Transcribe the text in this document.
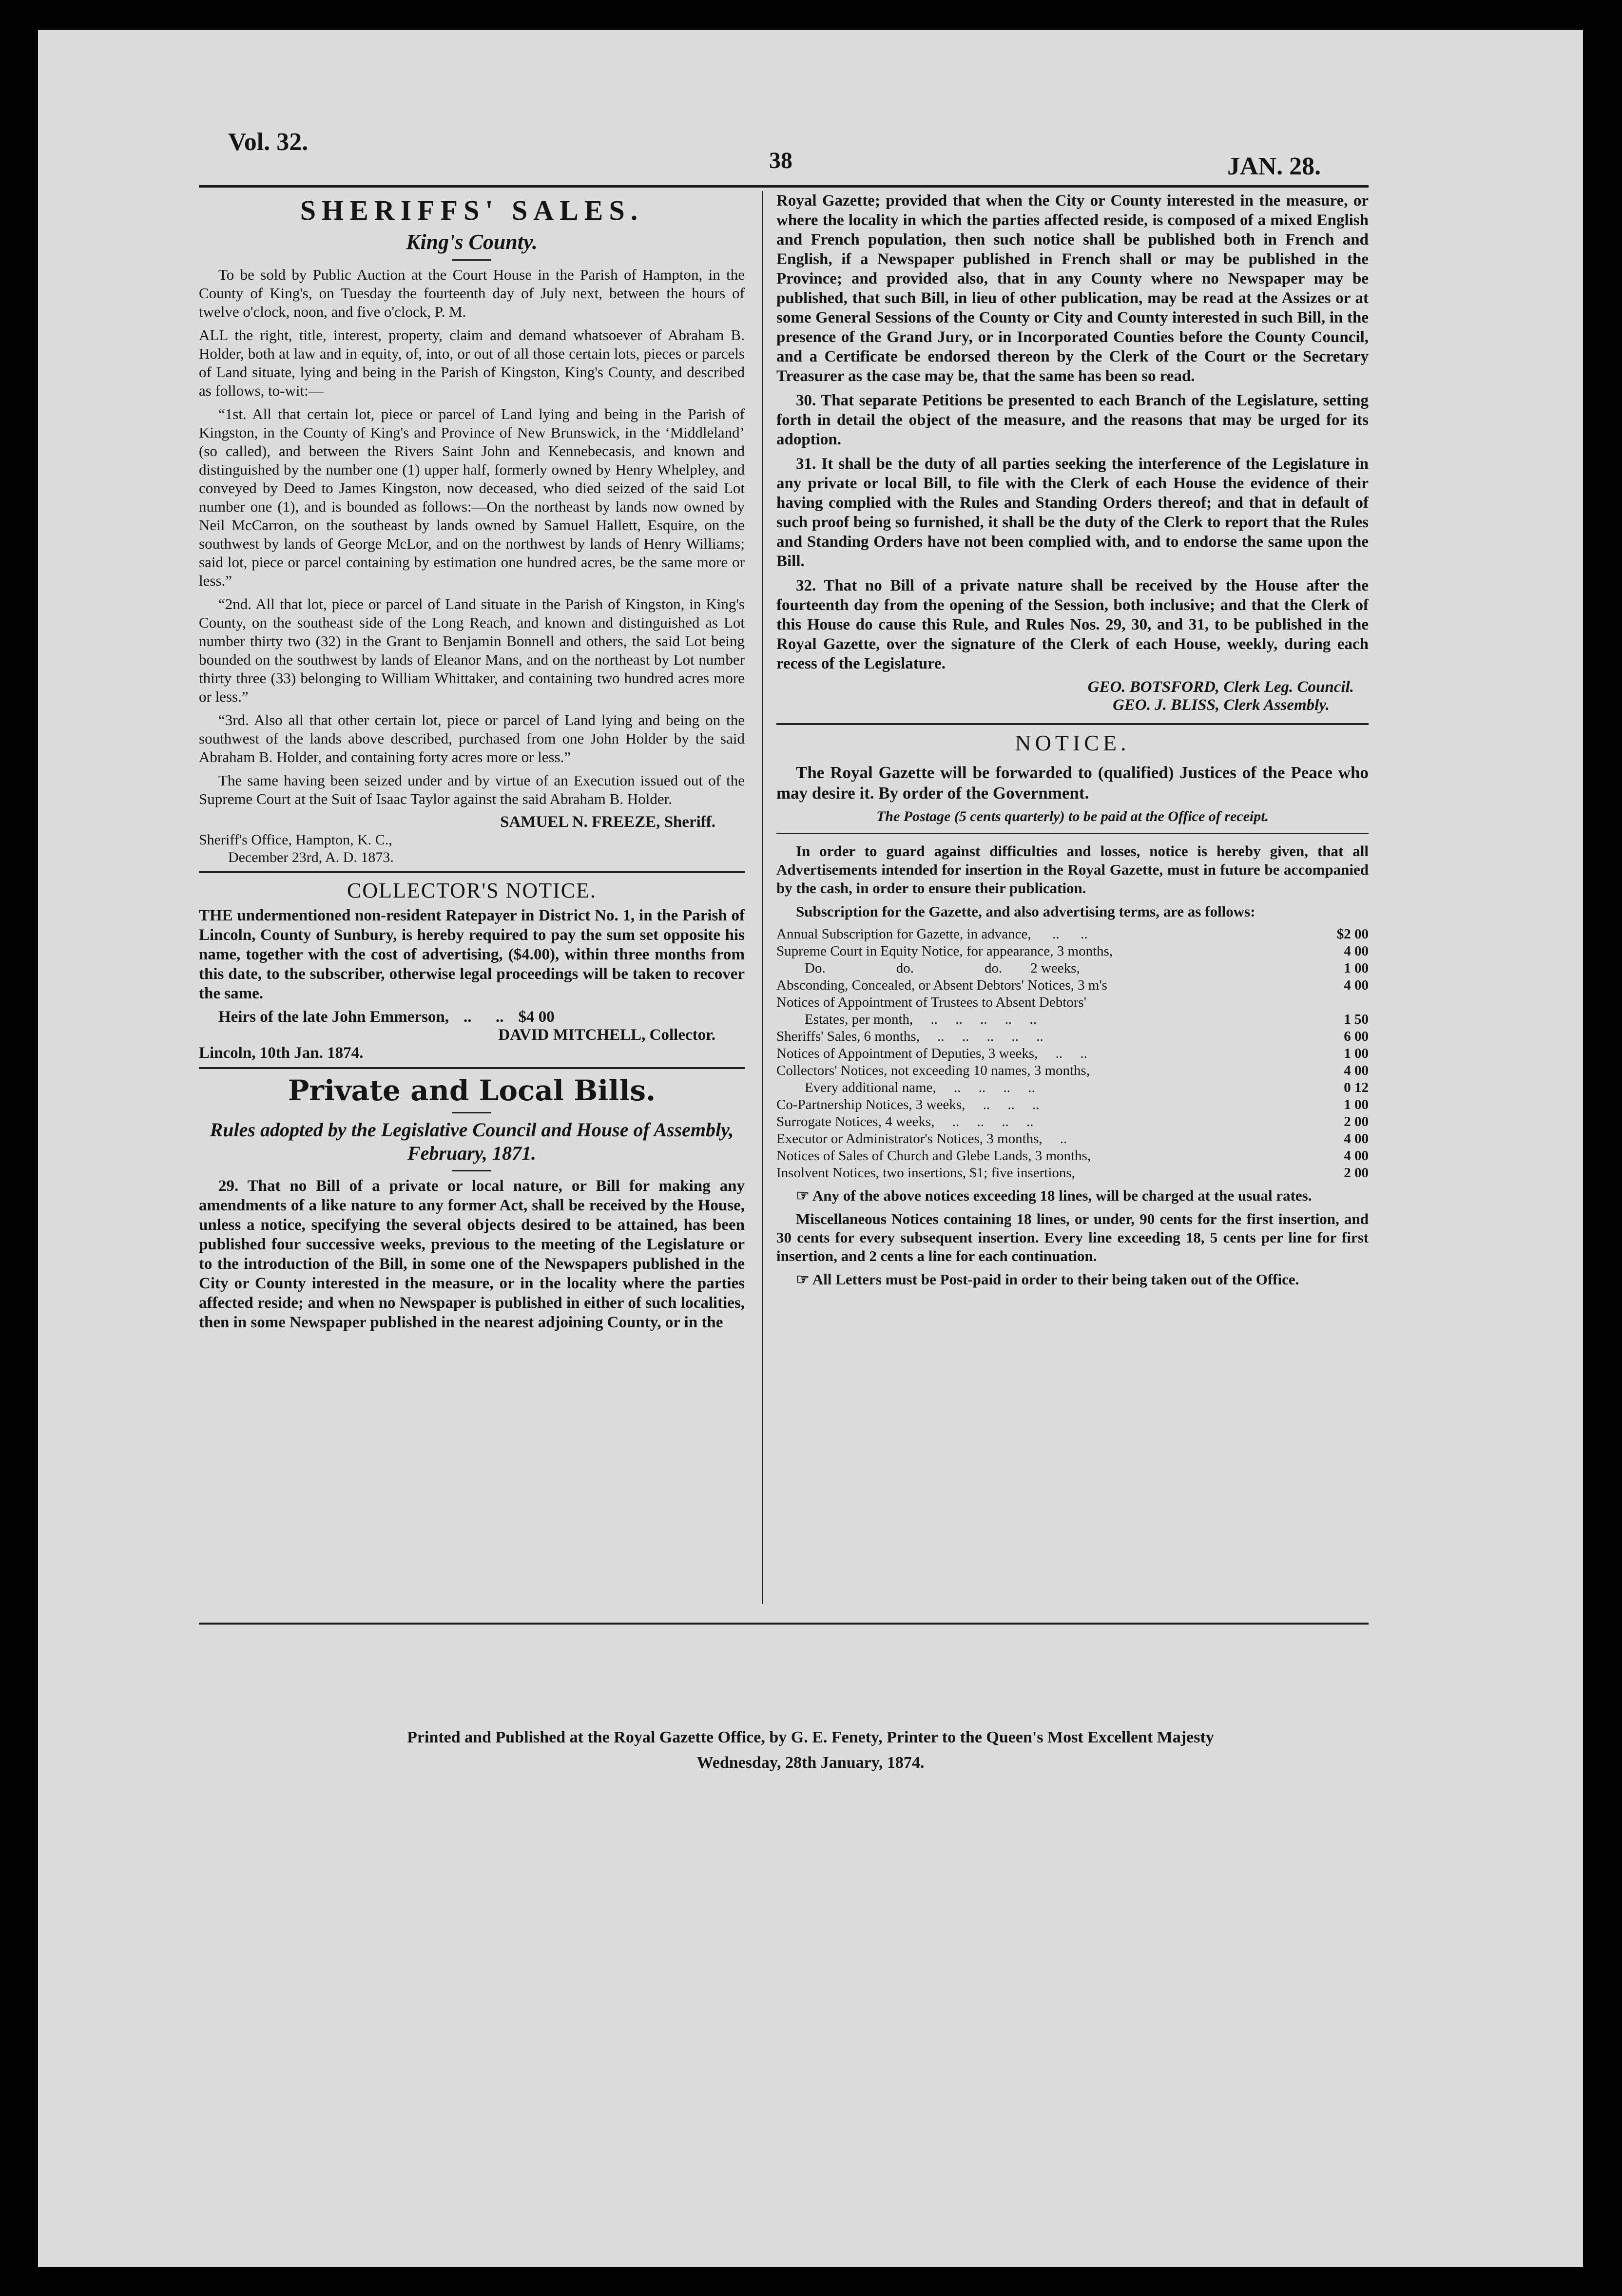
Vol. 32.
38	JAN. 28.
SHERIFFS' SALES.
King's County.

To be sold by Public Auction at the Court House in the Parish of Hampton, in the County of King's, on Tuesday the fourteenth day of July next, between the hours of twelve o'clock, noon, and five o'clock, P. M.

ALL the right, title, interest, property, claim and demand whatsoever of Abraham B. Holder, both at law and in equity, of, into, or out of all those certain lots, pieces or parcels of Land situate, lying and being in the Parish of Kingston, King's County, and described as follows, to-wit:—

“1st. All that certain lot, piece or parcel of Land lying and being in the Parish of Kingston, in the County of King's and Province of New Brunswick, in the ‘Middleland’ (so called), and between the Rivers Saint John and Kennebecasis, and known and distinguished by the number one (1) upper half, formerly owned by Henry Whelpley, and conveyed by Deed to James Kingston, now deceased, who died seized of the said Lot number one (1), and is bounded as follows:—On the northeast by lands now owned by Neil McCarron, on the southeast by lands owned by Samuel Hallett, Esquire, on the southwest by lands of George McLor, and on the northwest by lands of Henry Williams; said lot, piece or parcel containing by estimation one hundred acres, be the same more or less.”

“2nd. All that lot, piece or parcel of Land situate in the Parish of Kingston, in King's County, on the southeast side of the Long Reach, and known and distinguished as Lot number thirty two (32) in the Grant to Benjamin Bonnell and others, the said Lot being bounded on the southwest by lands of Eleanor Mans, and on the northeast by Lot number thirty three (33) belonging to William Whittaker, and containing two hundred acres more or less.”

“3rd. Also all that other certain lot, piece or parcel of Land lying and being on the southwest of the lands above described, purchased from one John Holder by the said Abraham B. Holder, and containing forty acres more or less.”

The same having been seized under and by virtue of an Execution issued out of the Supreme Court at the Suit of Isaac Taylor against the said Abraham B. Holder.

SAMUEL N. FREEZE, Sheriff.
Sheriff's Office, Hampton, K. C.,
December 23rd, A. D. 1873.
COLLECTOR'S NOTICE.

THE undermentioned non-resident Ratepayer in District No. 1, in the Parish of Lincoln, County of Sunbury, is hereby required to pay the sum set opposite his name, together with the cost of advertising, ($4.00), within three months from this date, to the subscriber, otherwise legal proceedings will be taken to recover the same.

Heirs of the late John Emmerson, ..      .. $4 00
DAVID MITCHELL, Collector.
Lincoln, 10th Jan. 1874.
Private and Local Bills.
Rules adopted by the Legislative Council and House of Assembly, February, 1871.

29. That no Bill of a private or local nature, or Bill for making any amendments of a like nature to any former Act, shall be received by the House, unless a notice, specifying the several objects desired to be attained, has been published four successive weeks, previous to the meeting of the Legislature or to the introduction of the Bill, in some one of the Newspapers published in the City or County interested in the measure, or in the locality where the parties affected reside; and when no Newspaper is published in either of such localities, then in some Newspaper published in the nearest adjoining County, or in the

Royal Gazette; provided that when the City or County interested in the measure, or where the locality in which the parties affected reside, is composed of a mixed English and French population, then such notice shall be published both in French and English, if a Newspaper published in French shall or may be published in the Province; and provided also, that in any County where no Newspaper may be published, that such Bill, in lieu of other publication, may be read at the Assizes or at some General Sessions of the County or City and County interested in such Bill, in the presence of the Grand Jury, or in Incorporated Counties before the County Council, and a Certificate be endorsed thereon by the Clerk of the Court or the Secretary Treasurer as the case may be, that the same has been so read.

30. That separate Petitions be presented to each Branch of the Legislature, setting forth in detail the object of the measure, and the reasons that may be urged for its adoption.

31. It shall be the duty of all parties seeking the interference of the Legislature in any private or local Bill, to file with the Clerk of each House the evidence of their having complied with the Rules and Standing Orders thereof; and that in default of such proof being so furnished, it shall be the duty of the Clerk to report that the Rules and Standing Orders have not been complied with, and to endorse the same upon the Bill.

32. That no Bill of a private nature shall be received by the House after the fourteenth day from the opening of the Session, both inclusive; and that the Clerk of this House do cause this Rule, and Rules Nos. 29, 30, and 31, to be published in the Royal Gazette, over the signature of the Clerk of each House, weekly, during each recess of the Legislature.

GEO. BOTSFORD, Clerk Leg. Council.
GEO. J. BLISS, Clerk Assembly.
NOTICE.

The Royal Gazette will be forwarded to (qualified) Justices of the Peace who may desire it. By order of the Government.

The Postage (5 cents quarterly) to be paid at the Office of receipt.

In order to guard against difficulties and losses, notice is hereby given, that all Advertisements intended for insertion in the Royal Gazette, must in future be accompanied by the cash, in order to ensure their publication.

Subscription for the Gazette, and also advertising terms, are as follows:

Annual Subscription for Gazette, in advance,      ..      ..	$2 00
Supreme Court in Equity Notice, for appearance, 3 months,	4 00
Do.                    do.                    do.        2 weeks,	1 00
Absconding, Concealed, or Absent Debtors' Notices, 3 m's	4 00
Notices of Appointment of Trustees to Absent Debtors'	
Estates, per month,     ..     ..     ..     ..     ..	1 50
Sheriffs' Sales, 6 months,     ..     ..     ..     ..     ..	6 00
Notices of Appointment of Deputies, 3 weeks,     ..     ..	1 00
Collectors' Notices, not exceeding 10 names, 3 months,	4 00
Every additional name,     ..     ..     ..     ..	0 12
Co-Partnership Notices, 3 weeks,     ..     ..     ..	1 00
Surrogate Notices, 4 weeks,     ..     ..     ..     ..	2 00
Executor or Administrator's Notices, 3 months,     ..	4 00
Notices of Sales of Church and Glebe Lands, 3 months,	4 00
Insolvent Notices, two insertions, $1; five insertions,	2 00

☞ Any of the above notices exceeding 18 lines, will be charged at the usual rates.

Miscellaneous Notices containing 18 lines, or under, 90 cents for the first insertion, and 30 cents for every subsequent insertion. Every line exceeding 18, 5 cents per line for first insertion, and 2 cents a line for each continuation.

☞ All Letters must be Post-paid in order to their being taken out of the Office.

Printed and Published at the Royal Gazette Office, by G. E. Fenety, Printer to the Queen's Most Excellent Majesty
Wednesday, 28th January, 1874.
